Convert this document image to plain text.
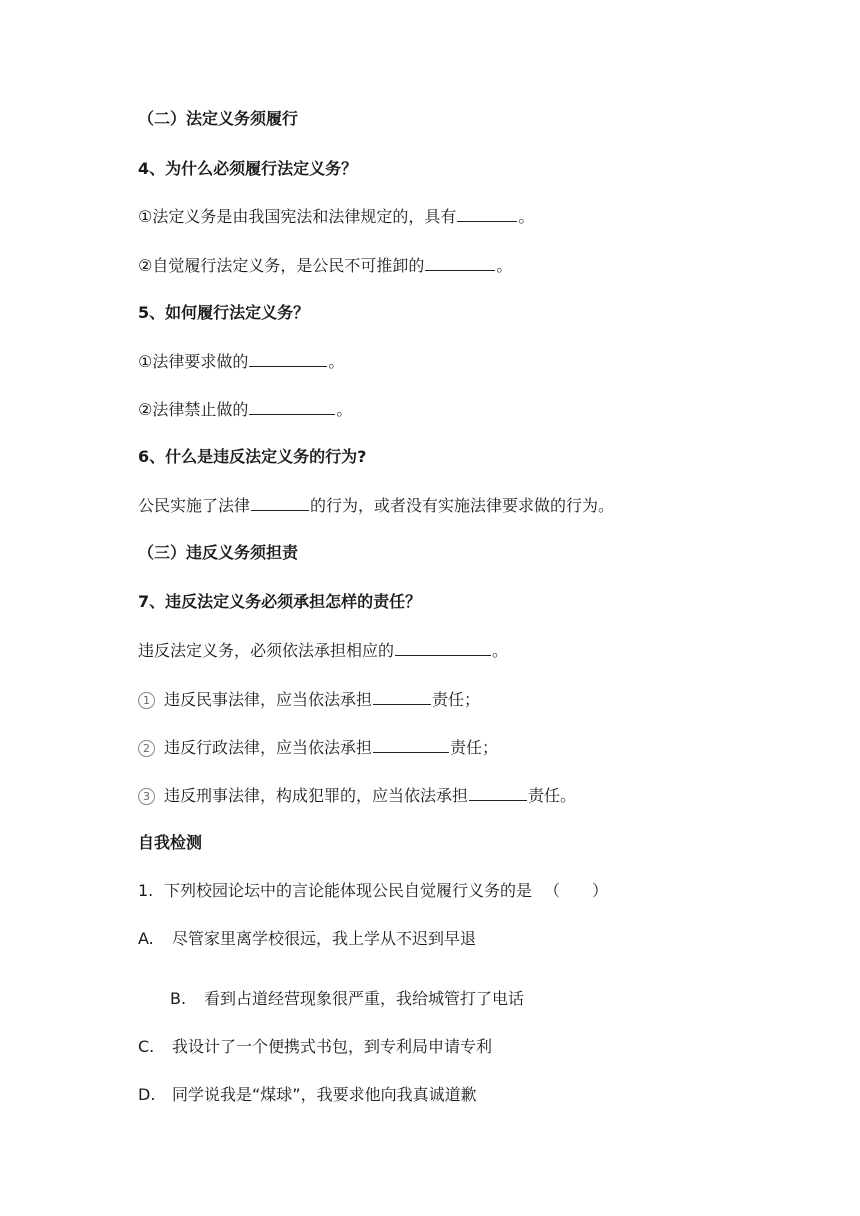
（二）法定义务须履行
4、为什么必须履行法定义务？
①法定义务是由我国宪法和法律规定的，具有	。
②自觉履行法定义务，是公民不可推卸的	。
5、如何履行法定义务？
①法律要求做的	。
②法律禁止做的	。
6、什么是违反法定义务的行为?
公民实施了法律	的行为，或者没有实施法律要求做的行为。
（三）违反义务须担责
7、违反法定义务必须承担怎样的责任？
违反法定义务，必须依法承担相应的	。
1 违反民事法律，应当依法承担	责任；
2 违反行政法律，应当依法承担	责任；
3 违反刑事法律，构成犯罪的，应当依法承担	责任。
自我检测
1. 下列校园论坛中的言论能体现公民自觉履行义务的是 （　　）
A. 尽管家里离学校很远，我上学从不迟到早退
B. 看到占道经营现象很严重，我给城管打了电话
C. 我设计了一个便携式书包，到专利局申请专利
D. 同学说我是“煤球”，我要求他向我真诚道歉
